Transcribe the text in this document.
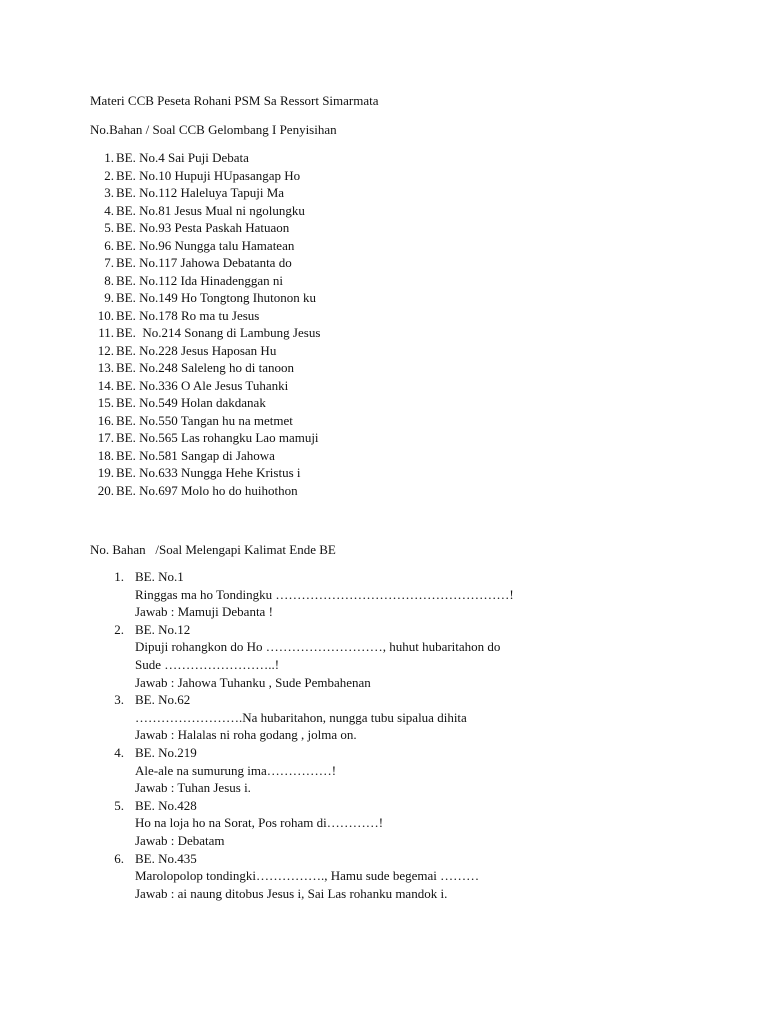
Materi CCB Peseta Rohani PSM Sa Ressort Simarmata
No.Bahan / Soal CCB Gelombang I Penyisihan
1. BE. No.4 Sai Puji Debata
2. BE. No.10 Hupuji HUpasangap Ho
3. BE. No.112 Haleluya Tapuji Ma
4. BE. No.81 Jesus Mual ni ngolungku
5. BE. No.93 Pesta Paskah Hatuaon
6. BE. No.96 Nungga talu Hamatean
7. BE. No.117 Jahowa Debatanta do
8. BE. No.112 Ida Hinadenggan ni
9. BE. No.149 Ho Tongtong Ihutonon ku
10. BE. No.178 Ro ma tu Jesus
11. BE.  No.214 Sonang di Lambung Jesus
12. BE. No.228 Jesus Haposan Hu
13. BE. No.248 Saleleng ho di tanoon
14. BE. No.336 O Ale Jesus Tuhanki
15. BE. No.549 Holan dakdanak
16. BE. No.550 Tangan hu na metmet
17. BE. No.565 Las rohangku Lao mamuji
18. BE. No.581 Sangap di Jahowa
19. BE. No.633 Nungga Hehe Kristus i
20. BE. No.697 Molo ho do huihothon
No. Bahan   /Soal Melengapi Kalimat Ende BE
1. BE. No.1
Ringgas ma ho Tondingku ………………………………………………!
Jawab : Mamuji Debanta !
2. BE. No.12
Dipuji rohangkon do Ho ………………………, huhut hubaritahon do
Sude ……………………..!
Jawab : Jahowa Tuhanku , Sude Pembahenan
3. BE. No.62
…………………….Na hubaritahon, nungga tubu sipalua dihita
Jawab : Halalas ni roha godang , jolma on.
4. BE. No.219
Ale-ale na sumurung ima……………!
Jawab : Tuhan Jesus i.
5. BE. No.428
Ho na loja ho na Sorat, Pos roham di…………!
Jawab : Debatam
6. BE. No.435
Marolopolop tondingki……………., Hamu sude begemai ………
Jawab : ai naung ditobus Jesus i, Sai Las rohanku mandok i.
